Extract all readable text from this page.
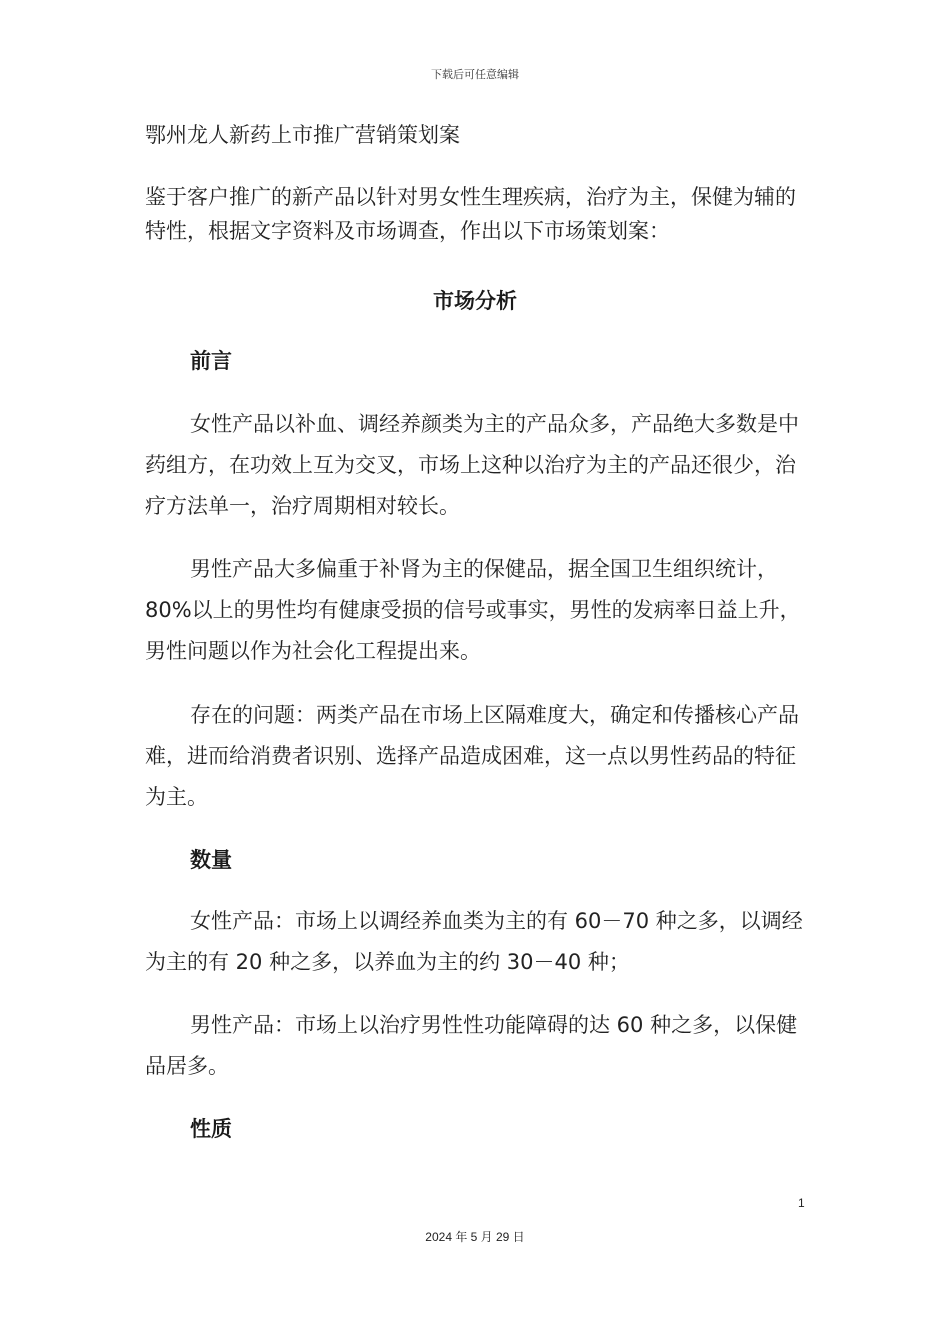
下载后可任意编辑
鄂州龙人新药上市推广营销策划案
鉴于客户推广的新产品以针对男女性生理疾病，治疗为主，保健为辅的特性，根据文字资料及市场调查，作出以下市场策划案：
市场分析
前言
女性产品以补血、调经养颜类为主的产品众多，产品绝大多数是中药组方，在功效上互为交叉，市场上这种以治疗为主的产品还很少，治疗方法单一，治疗周期相对较长。
男性产品大多偏重于补肾为主的保健品，据全国卫生组织统计，80%以上的男性均有健康受损的信号或事实，男性的发病率日益上升，男性问题以作为社会化工程提出来。
存在的问题：两类产品在市场上区隔难度大，确定和传播核心产品难，进而给消费者识别、选择产品造成困难，这一点以男性药品的特征为主。
数量
女性产品：市场上以调经养血类为主的有 60－70 种之多，以调经为主的有 20 种之多，以养血为主的约 30－40 种；
男性产品：市场上以治疗男性性功能障碍的达 60 种之多，以保健品居多。
性质
1
2024 年 5 月 29 日
